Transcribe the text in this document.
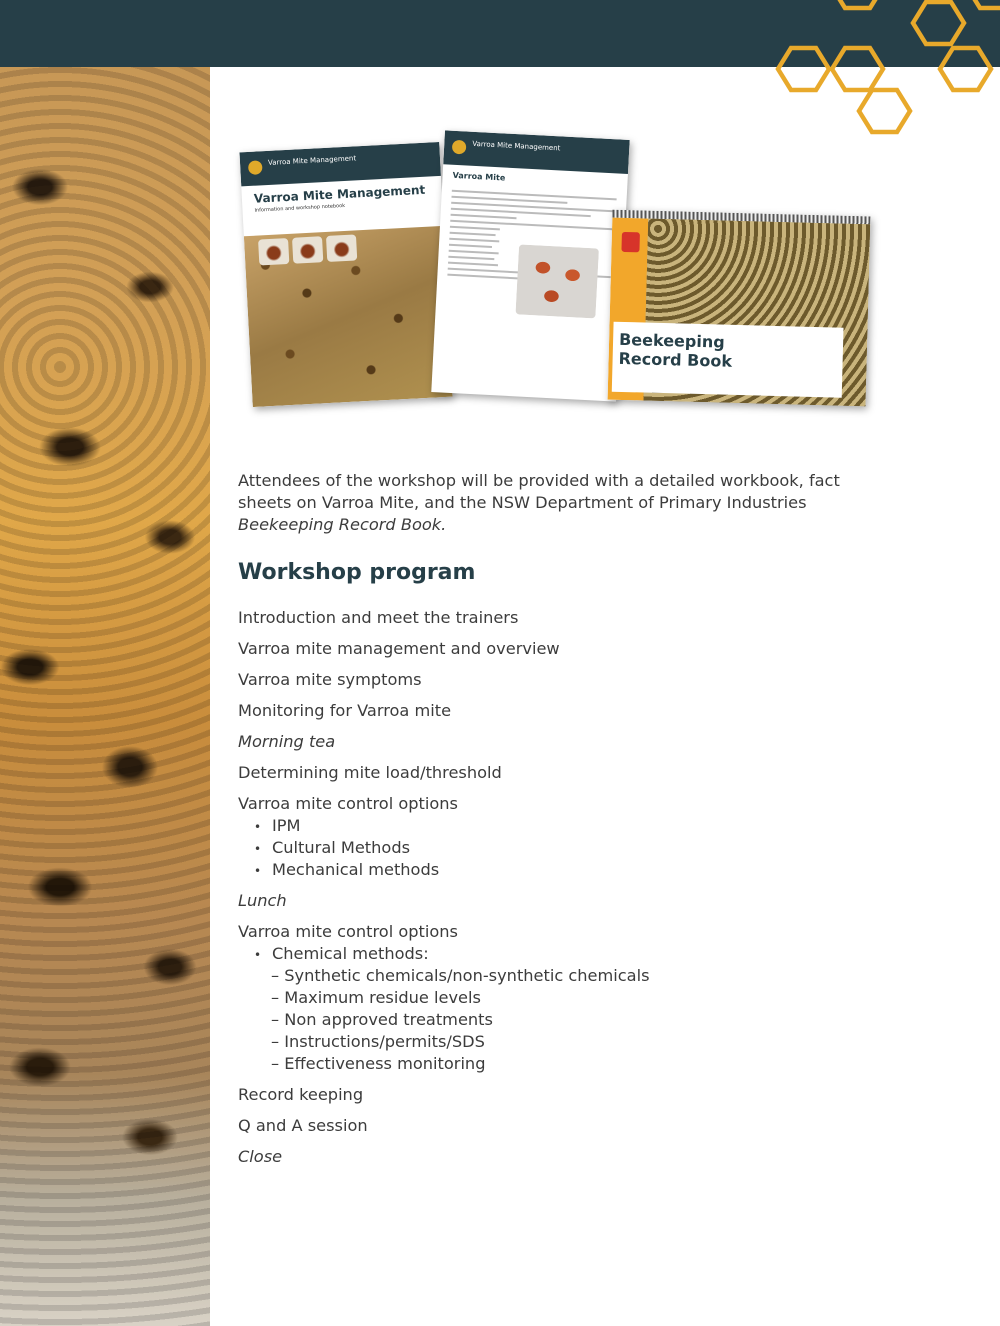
Varroa Mite Management
Varroa Mite Management
Information and workshop notebook
Varroa Mite Management
Varroa Mite
Beekeeping Record Book
Attendees of the workshop will be provided with a detailed workbook, fact sheets on Varroa Mite, and the NSW Department of Primary Industries
Beekeeping Record Book.
Workshop program
Introduction and meet the trainers
Varroa mite management and overview
Varroa mite symptoms
Monitoring for Varroa mite
Morning tea
Determining mite load/threshold
Varroa mite control options
• IPM
• Cultural Methods
• Mechanical methods
Lunch
Varroa mite control options
• Chemical methods:
– Synthetic chemicals/non-synthetic chemicals
– Maximum residue levels
– Non approved treatments
– Instructions/permits/SDS
– Effectiveness monitoring
Record keeping
Q and A session
Close
